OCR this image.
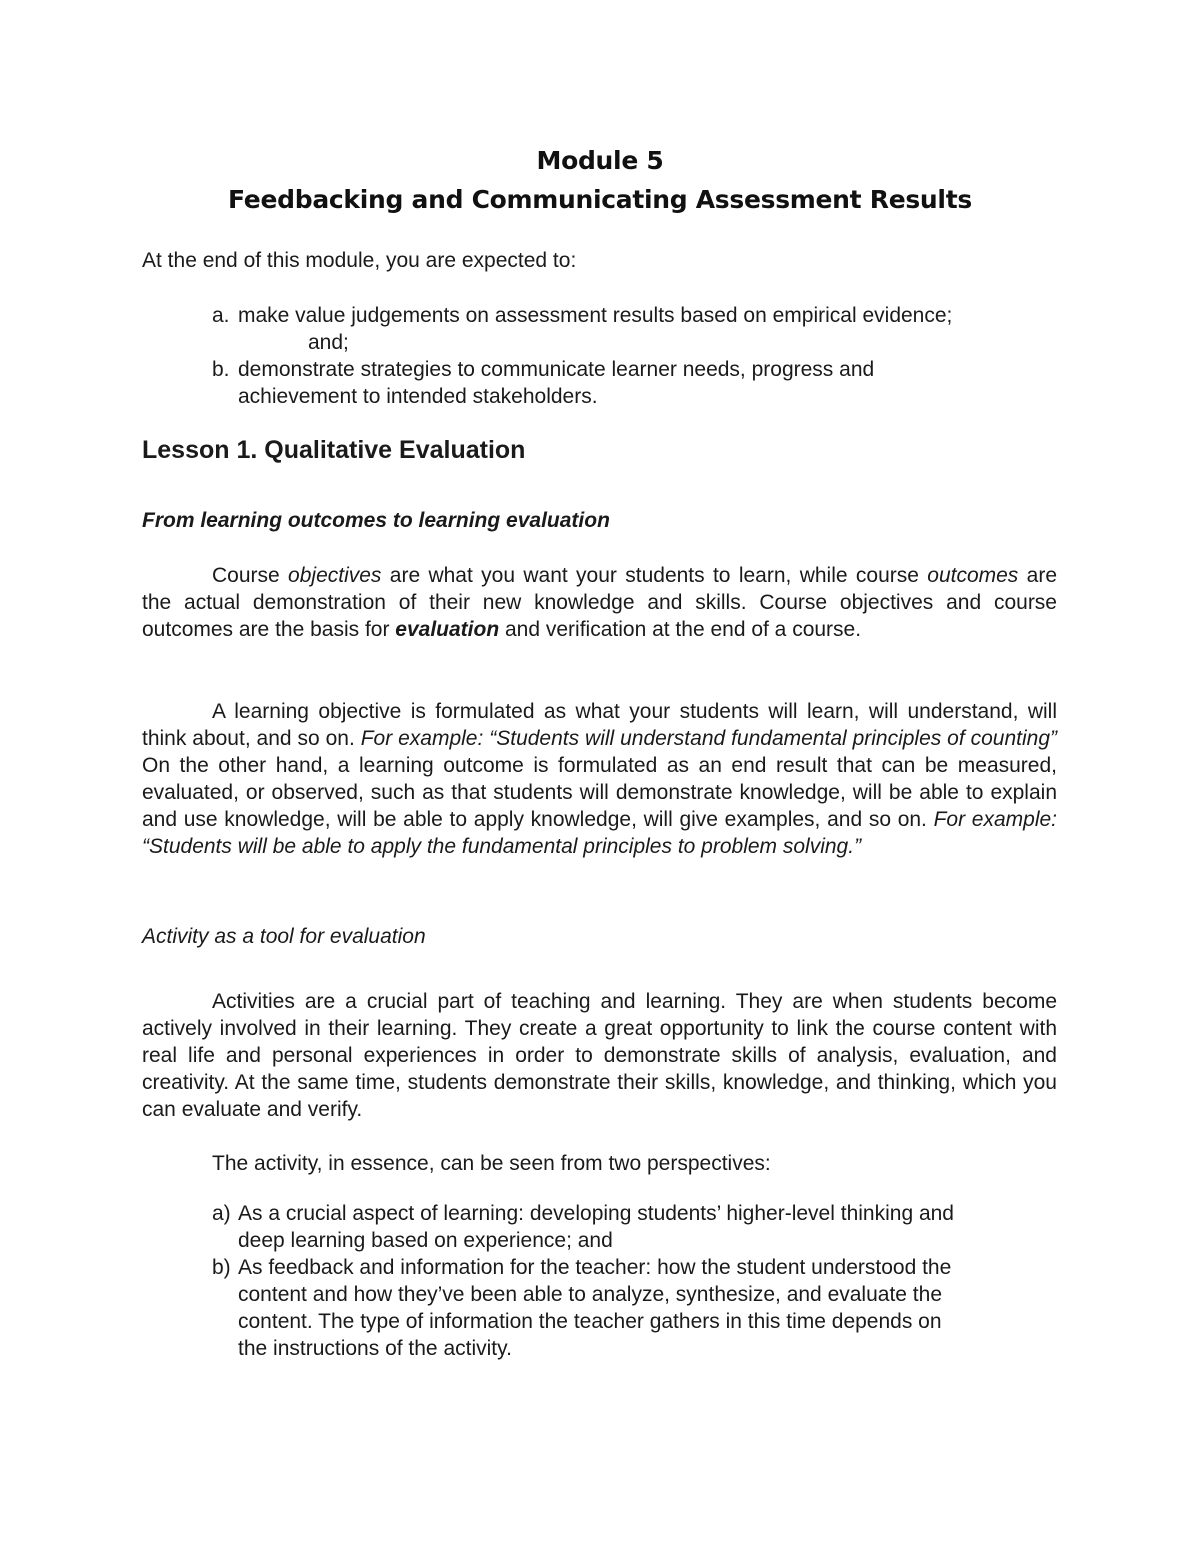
Module 5
Feedbacking and Communicating Assessment Results
At the end of this module, you are expected to:
a. make value judgements on assessment results based on empirical evidence;
and;
b. demonstrate strategies to communicate learner needs, progress and
achievement to intended stakeholders.
Lesson 1. Qualitative Evaluation
From learning outcomes to learning evaluation

Course objectives are what you want your students to learn, while course outcomes are the actual demonstration of their new knowledge and skills. Course objectives and course outcomes are the basis for evaluation and verification at the end of a course.

A learning objective is formulated as what your students will learn, will understand, will think about, and so on. For example: “Students will understand fundamental principles of counting” On the other hand, a learning outcome is formulated as an end result that can be measured, evaluated, or observed, such as that students will demonstrate knowledge, will be able to explain and use knowledge, will be able to apply knowledge, will give examples, and so on. For example: “Students will be able to apply the fundamental principles to problem solving.”

Activity as a tool for evaluation

Activities are a crucial part of teaching and learning. They are when students become actively involved in their learning. They create a great opportunity to link the course content with real life and personal experiences in order to demonstrate skills of analysis, evaluation, and creativity. At the same time, students demonstrate their skills, knowledge, and thinking, which you can evaluate and verify.

The activity, in essence, can be seen from two perspectives:
a) As a crucial aspect of learning: developing students’ higher-level thinking and
deep learning based on experience; and
b) As feedback and information for the teacher: how the student understood the
content and how they’ve been able to analyze, synthesize, and evaluate the
content. The type of information the teacher gathers in this time depends on
the instructions of the activity.
